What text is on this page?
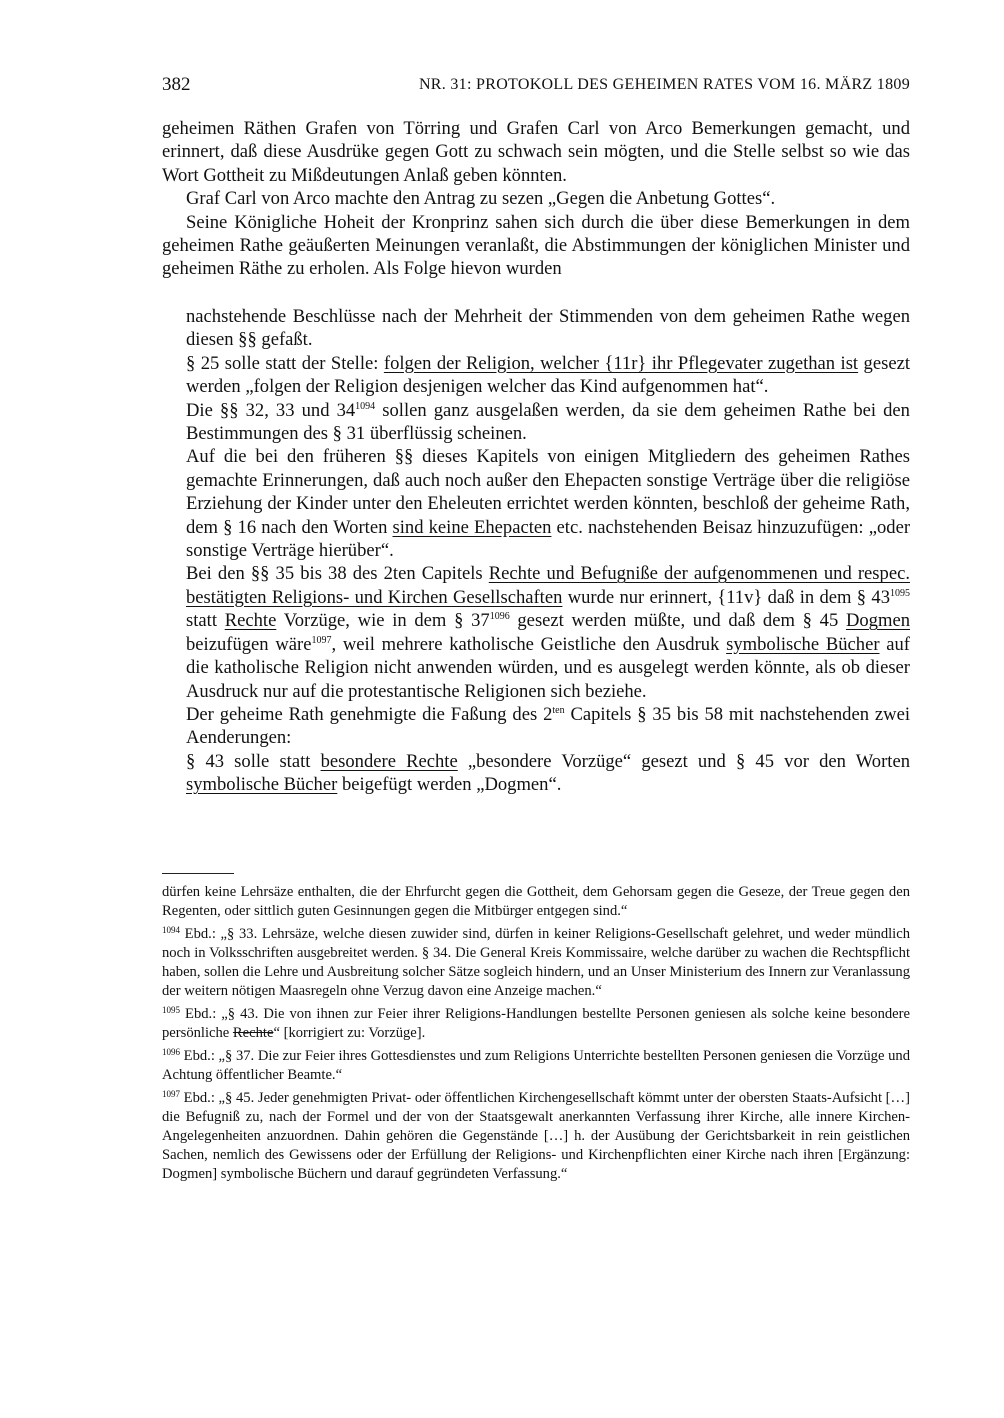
382	NR. 31: PROTOKOLL DES GEHEIMEN RATES VOM 16. MÄRZ 1809

geheimen Räthen Grafen von Törring und Grafen Carl von Arco Bemerkungen gemacht, und erinnert, daß diese Ausdrüke gegen Gott zu schwach sein mögten, und die Stelle selbst so wie das Wort Gottheit zu Mißdeutungen Anlaß geben könnten.

Graf Carl von Arco machte den Antrag zu sezen „Gegen die Anbetung Gottes“.

Seine Königliche Hoheit der Kronprinz sahen sich durch die über diese Bemerkungen in dem geheimen Rathe geäußerten Meinungen veranlaßt, die Abstimmungen der königlichen Minister und geheimen Räthe zu erholen. Als Folge hievon wurden

nachstehende Beschlüsse nach der Mehrheit der Stimmenden von dem geheimen Rathe wegen diesen §§ gefaßt.

§ 25 solle statt der Stelle: folgen der Religion, welcher {11r} ihr Pflegevater zugethan ist gesezt werden „folgen der Religion desjenigen welcher das Kind aufgenommen hat“.

Die §§ 32, 33 und $34^{1094}$ sollen ganz ausgelaßen werden, da sie dem geheimen Rathe bei den Bestimmungen des § 31 überflüssig scheinen.

Auf die bei den früheren §§ dieses Kapitels von einigen Mitgliedern des geheimen Rathes gemachte Erinnerungen, daß auch noch außer den Ehepacten sonstige Verträge über die religiöse Erziehung der Kinder unter den Eheleuten errichtet werden könnten, beschloß der geheime Rath, dem § 16 nach den Worten sind keine Ehepacten etc. nachstehenden Beisaz hinzuzufügen: „oder sonstige Verträge hierüber“.

Bei den §§ 35 bis 38 des 2ten Capitels Rechte und Befugniße der aufgenommenen und respec. bestätigten Religions- und Kirchen Gesellschaften wurde nur erinnert, {11v} daß in dem § $43^{1095}$ statt Rechte Vorzüge, wie in dem § $37^{1096}$ gesezt werden müßte, und daß dem § 45 Dogmen beizufügen wäre$^{1097}$, weil mehrere katholische Geistliche den Ausdruk symbolische Bücher auf die katholische Religion nicht anwenden würden, und es ausgelegt werden könnte, als ob dieser Ausdruck nur auf die protestantische Religionen sich beziehe.

Der geheime Rath genehmigte die Faßung des $2^{ten}$ Capitels § 35 bis 58 mit nachstehenden zwei Aenderungen:

§ 43 solle statt besondere Rechte „besondere Vorzüge“ gesezt und § 45 vor den Worten symbolische Bücher beigefügt werden „Dogmen“.

dürfen keine Lehrsäze enthalten, die der Ehrfurcht gegen die Gottheit, dem Gehorsam gegen die Geseze, der Treue gegen den Regenten, oder sittlich guten Gesinnungen gegen die Mitbürger entgegen sind.“

$^{1094}$ Ebd.: „§ 33. Lehrsäze, welche diesen zuwider sind, dürfen in keiner Religions-Gesellschaft gelehret, und weder mündlich noch in Volksschriften ausgebreitet werden. § 34. Die General Kreis Kommissaire, welche darüber zu wachen die Rechtspflicht haben, sollen die Lehre und Ausbreitung solcher Sätze sogleich hindern, und an Unser Ministerium des Innern zur Veranlassung der weitern nötigen Maasregeln ohne Verzug davon eine Anzeige machen.“

$^{1095}$ Ebd.: „§ 43. Die von ihnen zur Feier ihrer Religions-Handlungen bestellte Personen geniesen als solche keine besondere persönliche Rechte“ [korrigiert zu: Vorzüge].

$^{1096}$ Ebd.: „§ 37. Die zur Feier ihres Gottesdienstes und zum Religions Unterrichte bestellten Personen geniesen die Vorzüge und Achtung öffentlicher Beamte.“

$^{1097}$ Ebd.: „§ 45. Jeder genehmigten Privat- oder öffentlichen Kirchengesellschaft kömmt unter der obersten Staats-Aufsicht […] die Befugniß zu, nach der Formel und der von der Staatsgewalt anerkannten Verfassung ihrer Kirche, alle innere Kirchen-Angelegenheiten anzuordnen. Dahin gehören die Gegenstände […] h. der Ausübung der Gerichtsbarkeit in rein geistlichen Sachen, nemlich des Gewissens oder der Erfüllung der Religions- und Kirchenpflichten einer Kirche nach ihren [Ergänzung: Dogmen] symbolische Büchern und darauf gegründeten Verfassung.“
